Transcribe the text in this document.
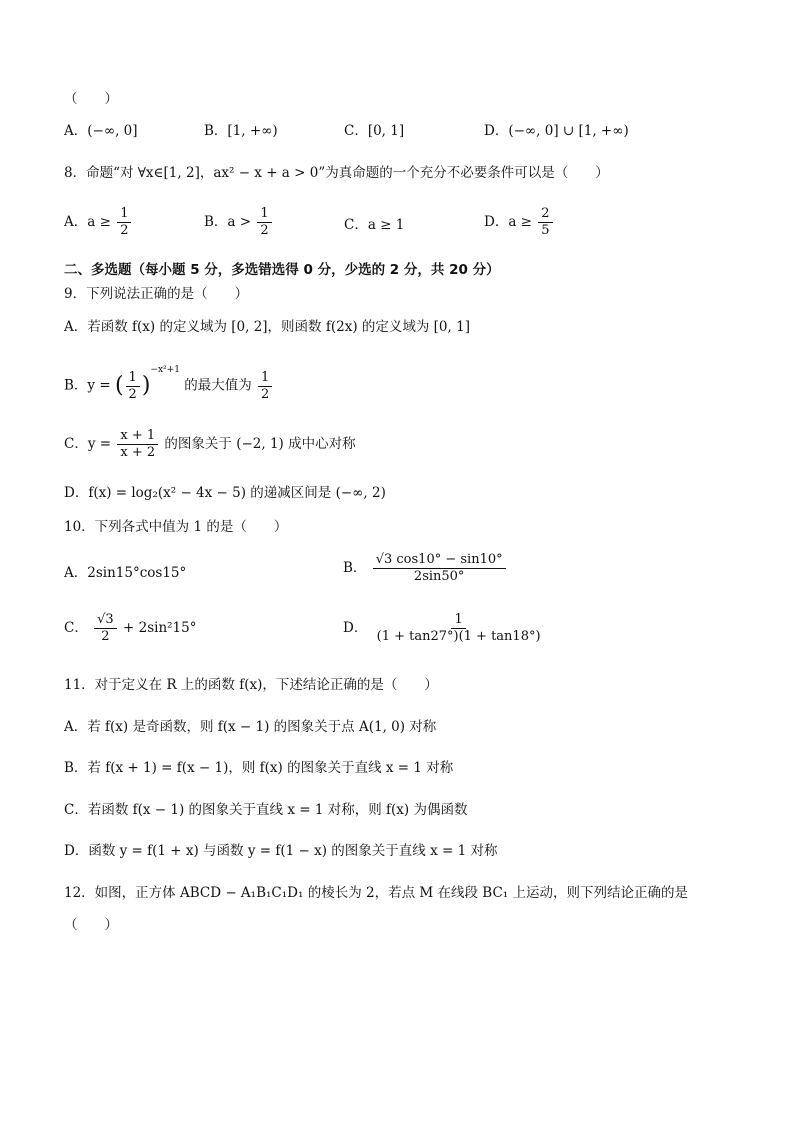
（　　）
A．(−∞, 0]	B．[1, +∞)	C．[0, 1]	D．(−∞, 0] ∪ [1, +∞)
8．命题“对 ∀x∈[1, 2]，ax² − x + a > 0”为真命题的一个充分不必要条件可以是（　　）
A．$a \ge \frac{1}{2}$	B．$a > \frac{1}{2}$	C．a ≥ 1	D．$a \ge \frac{2}{5}$
二、多选题（每小题 5 分，多选错选得 0 分，少选的 2 分，共 20 分）
9．下列说法正确的是（　　）
A．若函数 f(x) 的定义域为 [0, 2]，则函数 f(2x) 的定义域为 [0, 1]
B．y = ( $\frac{1}{2} )^{-x^2+1}$ 的最大值为 $\frac{1}{2}$
C．$y = \frac{x + 1}{x + 2}$ 的图象关于 (−2, 1) 成中心对称
D．f(x) = log₂(x² − 4x − 5) 的递减区间是 (−∞, 2)
10．下列各式中值为 1 的是（　　）
A．2sin15°cos15°	B． $\frac{√3 \cos 10^\circ - \sin 10^\circ}{2\sin 50^\circ}$
C． $\frac{√3}{2} + 2\sin^215^\circ$	D． $\frac{1}{(1 + \tan 27^\circ)(1 + \tan 18^\circ)}$
11．对于定义在 R 上的函数 f(x)，下述结论正确的是（　　）
A．若 f(x) 是奇函数，则 f(x − 1) 的图象关于点 A(1, 0) 对称
B．若 f(x + 1) = f(x − 1)，则 f(x) 的图象关于直线 x = 1 对称
C．若函数 f(x − 1) 的图象关于直线 x = 1 对称，则 f(x) 为偶函数
D．函数 y = f(1 + x) 与函数 y = f(1 − x) 的图象关于直线 x = 1 对称
12．如图，正方体 ABCD − A₁B₁C₁D₁ 的棱长为 2，若点 M 在线段 BC₁ 上运动，则下列结论正确的是
（　　）
